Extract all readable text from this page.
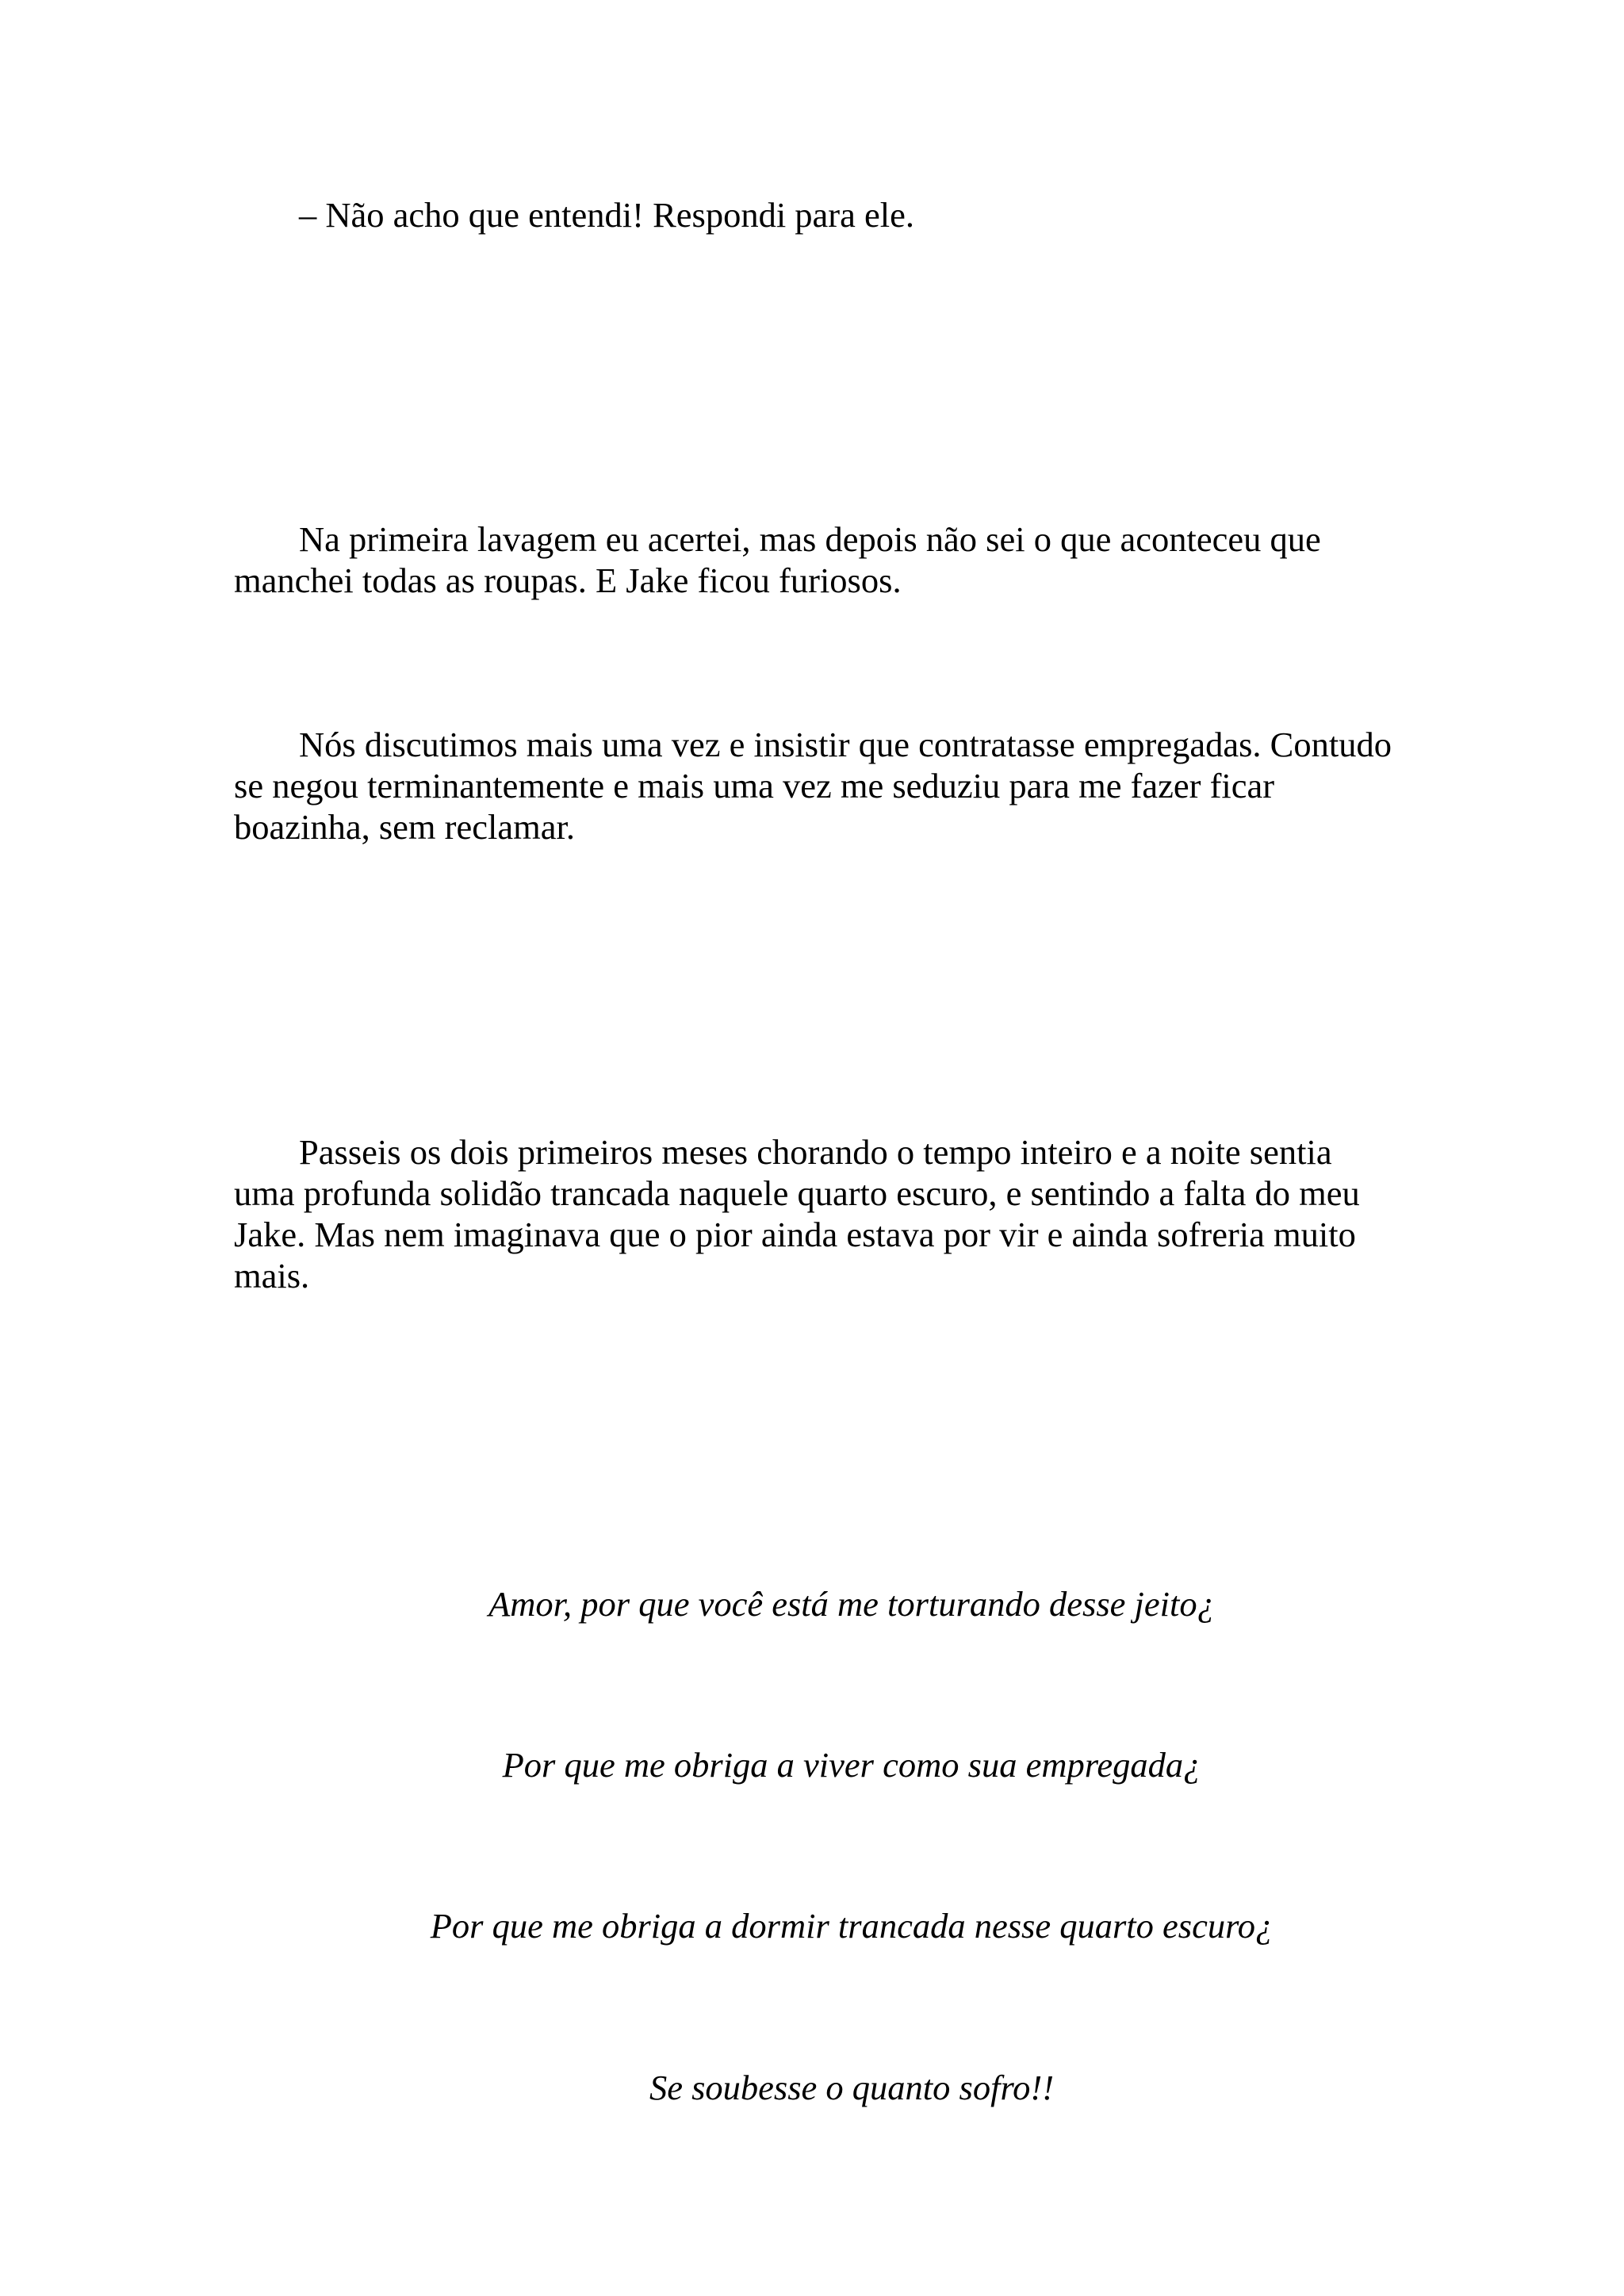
– Não acho que entendi! Respondi para ele.

Na primeira lavagem eu acertei, mas depois não sei o que aconteceu que manchei todas as roupas. E Jake ficou furiosos.

Nós discutimos mais uma vez e insistir que contratasse empregadas. Contudo se negou terminantemente e mais uma vez me seduziu para me fazer ficar boazinha, sem reclamar.

Passeis os dois primeiros meses chorando o tempo inteiro e a noite sentia uma profunda solidão trancada naquele quarto escuro, e sentindo a falta do meu Jake. Mas nem imaginava que o pior ainda estava por vir e ainda sofreria muito mais.

Amor, por que você está me torturando desse jeito¿

Por que me obriga a viver como sua empregada¿

Por que me obriga a dormir trancada nesse quarto escuro¿

Se soubesse o quanto sofro!!
